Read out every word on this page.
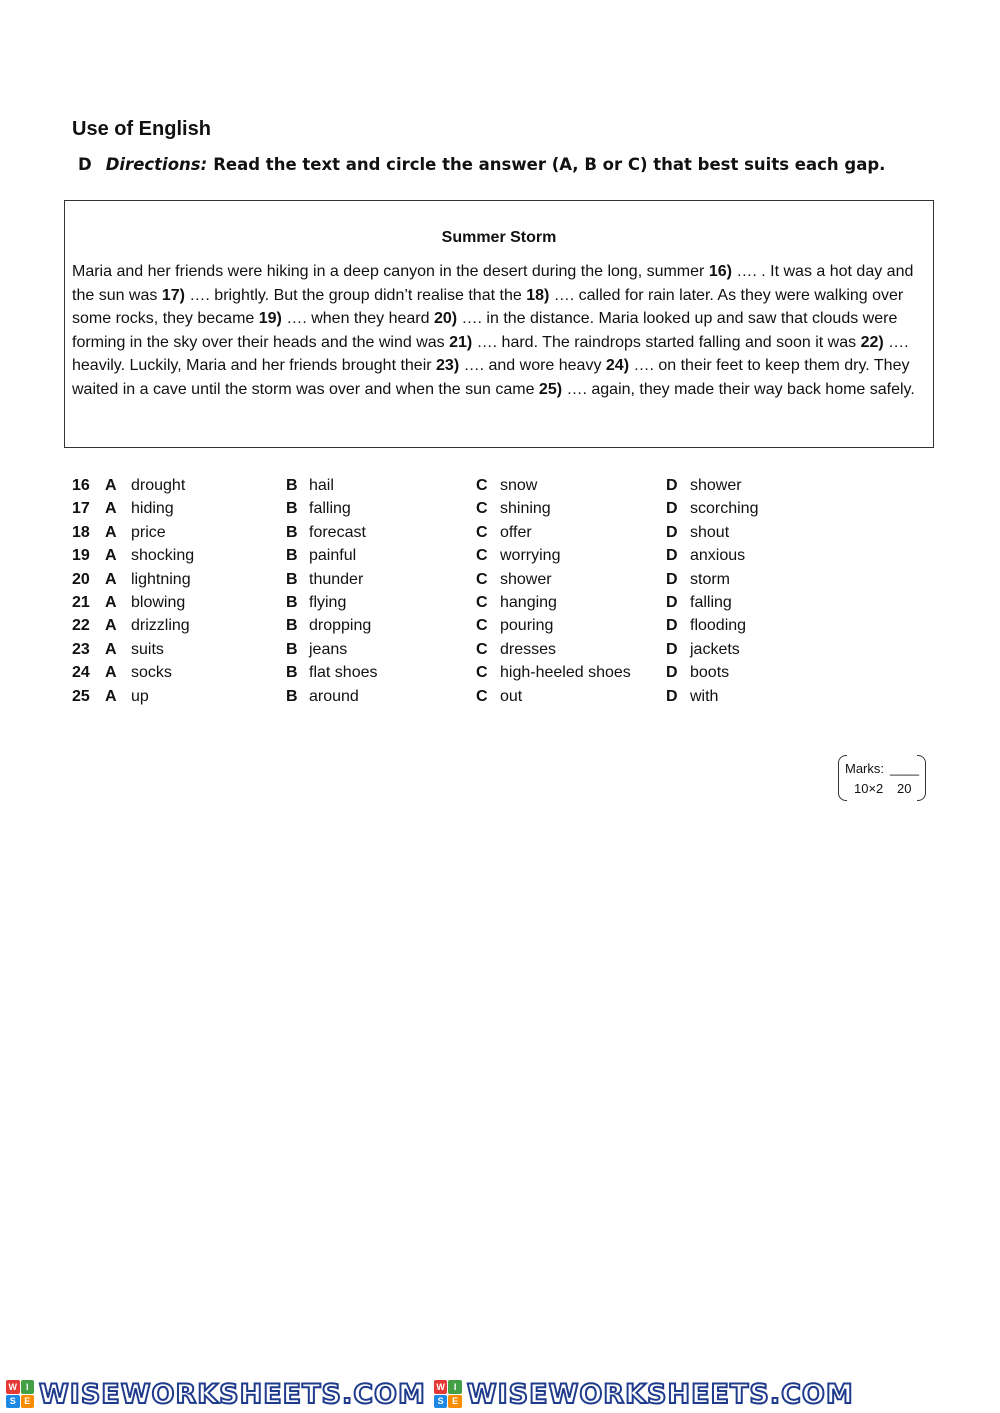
Use of English
D Directions: Read the text and circle the answer (A, B or C) that best suits each gap.
Summer Storm

Maria and her friends were hiking in a deep canyon in the desert during the long, summer 16) …. . It was a hot day and the sun was 17) …. brightly. But the group didn’t realise that the 18) …. called for rain later. As they were walking over some rocks, they became 19) …. when they heard 20) …. in the distance. Maria looked up and saw that clouds were forming in the sky over their heads and the wind was 21) …. hard. The raindrops started falling and soon it was 22) …. heavily. Luckily, Maria and her friends brought their 23) …. and wore heavy 24) …. on their feet to keep them dry. They waited in a cave until the storm was over and when the sun came 25) …. again, they made their way back home safely.

16 A drought	B hail	C snow	D shower
17 A hiding	B falling	C shining	D scorching
18 A price	B forecast	C offer	D shout
19 A shocking	B painful	C worrying	D anxious
20 A lightning	B thunder	C shower	D storm
21 A blowing	B flying	C hanging	D falling
22 A drizzling	B dropping	C pouring	D flooding
23 A suits	B jeans	C dresses	D jackets
24 A socks	B flat shoes	C high-heeled shoes D boots
25 A up	B around	C out	D with
Marks: ____
10×2 20
W I
S E WISEWORKSHEETS.COM W I
S E WISEWORKSHEETS.COM
